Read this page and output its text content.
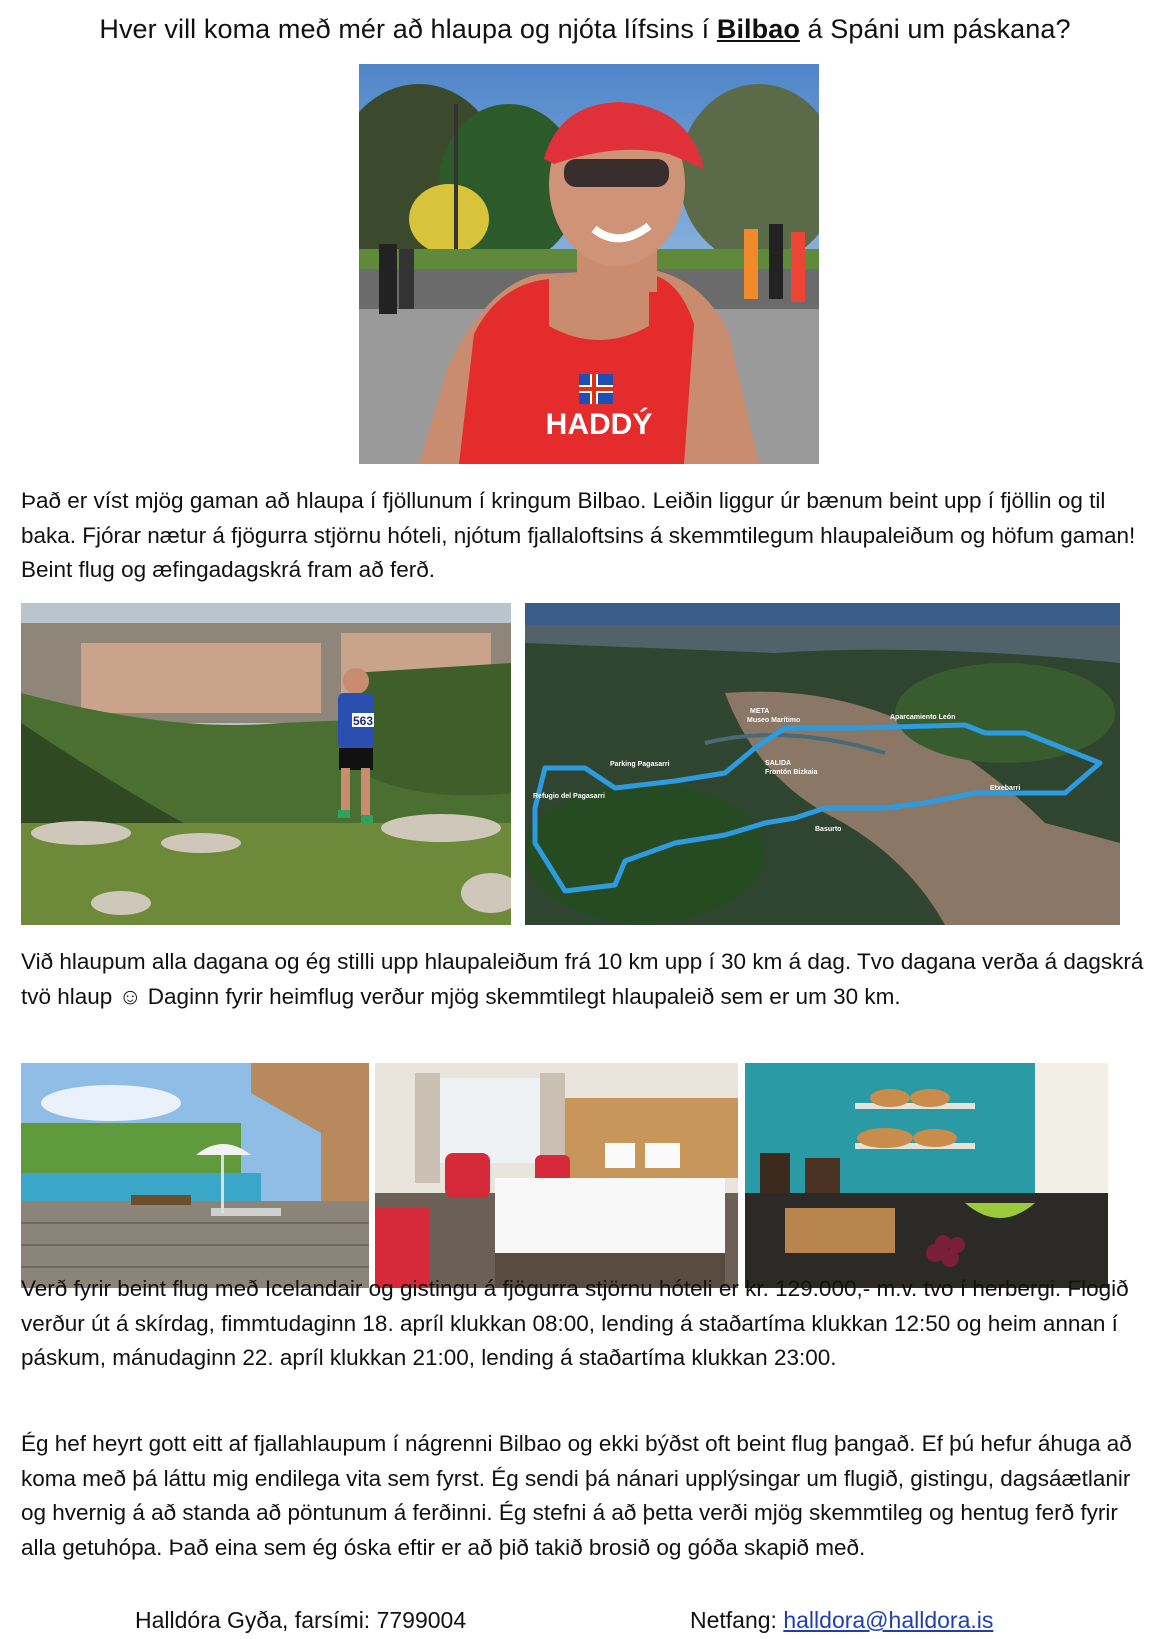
Hver vill koma með mér að hlaupa og njóta lífsins í Bilbao á Spáni um páskana?
HADDÝ
Það er víst mjög gaman að hlaupa í fjöllunum í kringum Bilbao. Leiðin liggur úr bænum beint upp í fjöllin og til baka. Fjórar nætur á fjögurra stjörnu hóteli, njótum fjallaloftsins á skemmtilegum hlaupaleiðum og höfum gaman! Beint flug og æfingadagskrá fram að ferð.
563
META
Museo Marítimo	Aparcamiento León
Parking Pagasarri	SALIDA
Frontón Bizkaia
Refugio del Pagasarri
Etxebarri
Basurto
Við hlaupum alla dagana og ég stilli upp hlaupaleiðum frá 10 km upp í 30 km á dag. Tvo dagana verða á dagskrá tvö hlaup ☺ Daginn fyrir heimflug verður mjög skemmtilegt hlaupaleið sem er um 30 km.
Verð fyrir beint flug með Icelandair og gistingu á fjögurra stjörnu hóteli er kr. 129.000,- m.v. tvo í herbergi. Flogið verður út á skírdag, fimmtudaginn 18. apríl klukkan 08:00, lending á staðartíma klukkan 12:50 og heim annan í páskum, mánudaginn 22. apríl klukkan 21:00, lending á staðartíma klukkan 23:00.
Ég hef heyrt gott eitt af fjallahlaupum í nágrenni Bilbao og ekki býðst oft beint flug þangað. Ef þú hefur áhuga að koma með þá láttu mig endilega vita sem fyrst. Ég sendi þá nánari upplýsingar um flugið, gistingu, dagsáætlanir og hvernig á að standa að pöntunum á ferðinni. Ég stefni á að þetta verði mjög skemmtileg og hentug ferð fyrir alla getuhópa. Það eina sem ég óska eftir er að þið takið brosið og góða skapið með.
Halldóra Gyða, farsími: 7799004	Netfang: halldora@halldora.is
